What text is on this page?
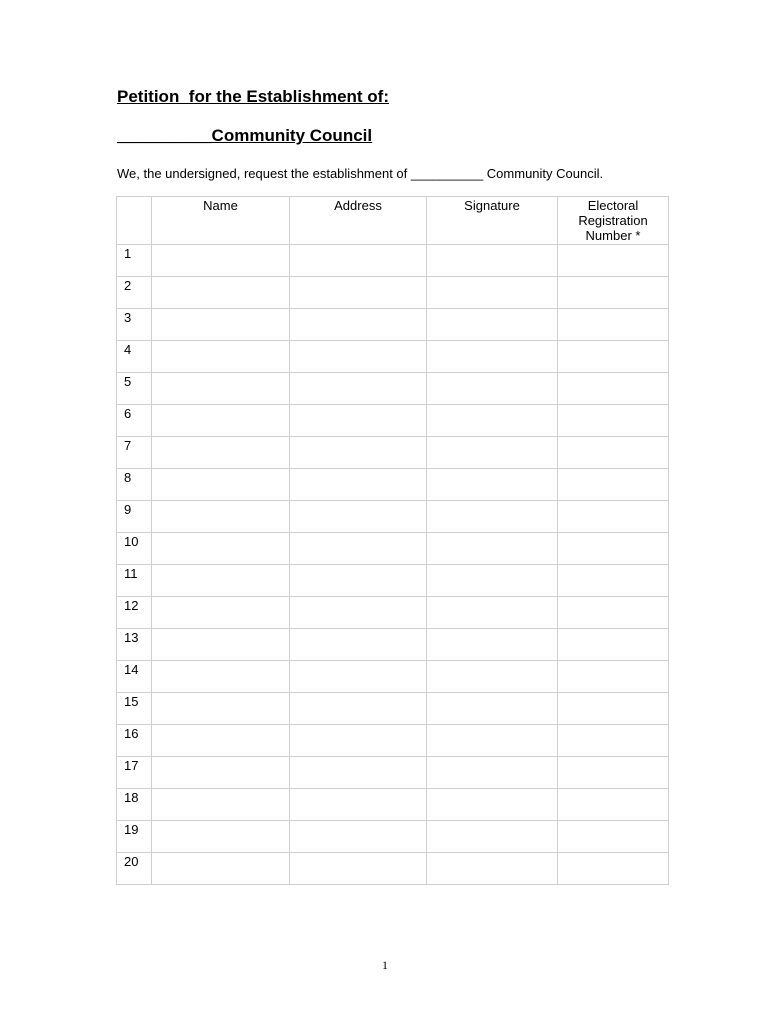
Petition  for the Establishment of:
__________Community Council

We, the undersigned, request the establishment of __________ Community Council.

	Name	Address	Signature	Electoral Registration Number *
1				
2				
3				
4				
5				
6				
7				
8				
9				
10				
11				
12				
13				
14				
15				
16				
17				
18				
19				
20				

1
